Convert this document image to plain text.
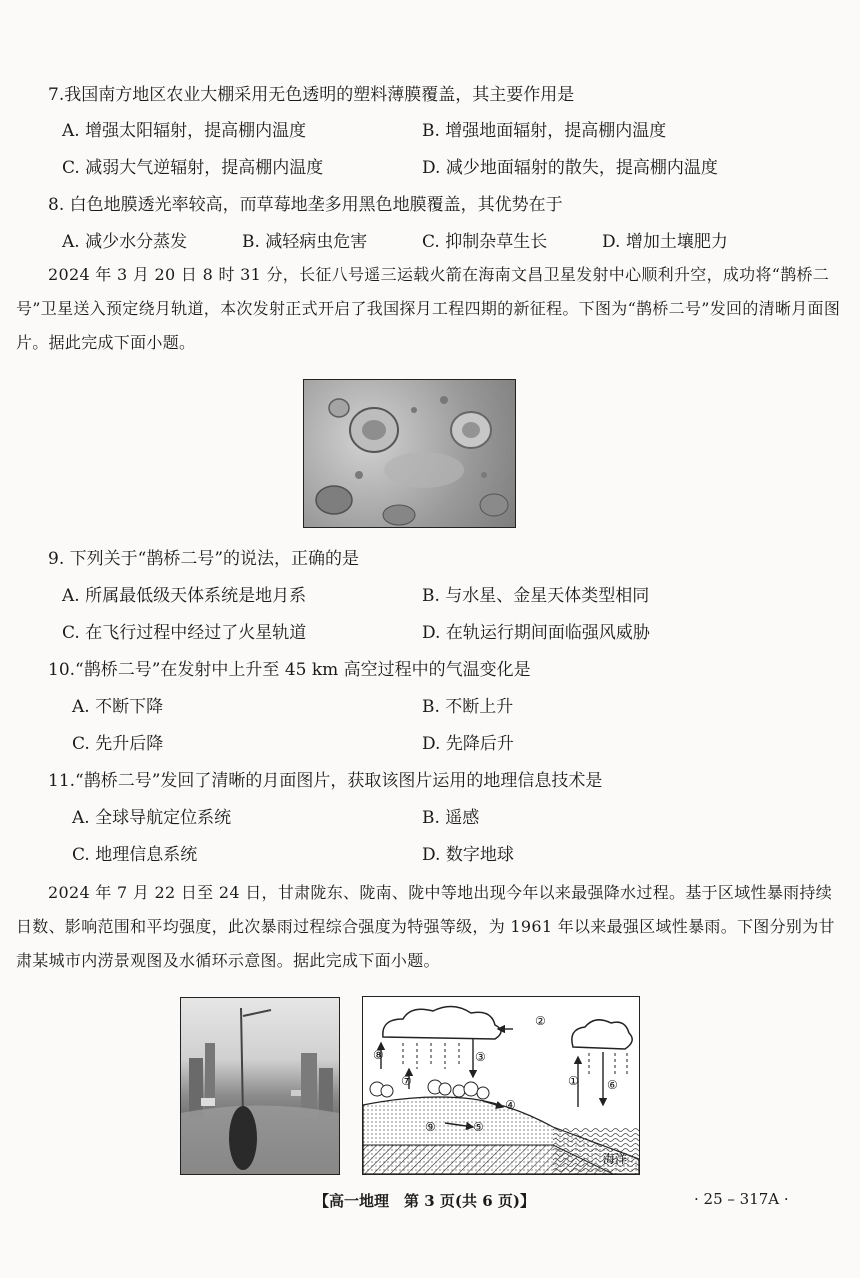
7.我国南方地区农业大棚采用无色透明的塑料薄膜覆盖，其主要作用是
A. 增强太阳辐射，提高棚内温度	B. 增强地面辐射，提高棚内温度
C. 减弱大气逆辐射，提高棚内温度	D. 减少地面辐射的散失，提高棚内温度
8. 白色地膜透光率较高，而草莓地垄多用黑色地膜覆盖，其优势在于
A. 减少水分蒸发	B. 减轻病虫危害	C. 抑制杂草生长	D. 增加土壤肥力

2024 年 3 月 20 日 8 时 31 分，长征八号遥三运载火箭在海南文昌卫星发射中心顺利升空，成功将“鹊桥二号”卫星送入预定绕月轨道，本次发射正式开启了我国探月工程四期的新征程。下图为“鹊桥二号”发回的清晰月面图片。据此完成下面小题。

9. 下列关于“鹊桥二号”的说法，正确的是
A. 所属最低级天体系统是地月系	B. 与水星、金星天体类型相同
C. 在飞行过程中经过了火星轨道	D. 在轨运行期间面临强风威胁
10.“鹊桥二号”在发射中上升至 45 km 高空过程中的气温变化是
A. 不断下降	B. 不断上升
C. 先升后降	D. 先降后升
11.“鹊桥二号”发回了清晰的月面图片，获取该图片运用的地理信息技术是
A. 全球导航定位系统	B. 遥感
C. 地理信息系统	D. 数字地球

2024 年 7 月 22 日至 24 日，甘肃陇东、陇南、陇中等地出现今年以来最强降水过程。基于区域性暴雨持续日数、影响范围和平均强度，此次暴雨过程综合强度为特强等级，为 1961 年以来最强区域性暴雨。下图分别为甘肃某城市内涝景观图及水循环示意图。据此完成下面小题。

①
②
③
④
⑤
⑥
⑦
⑧
⑨
海洋
【高一地理　第 3 页(共 6 页)】	· 25 – 317A ·
